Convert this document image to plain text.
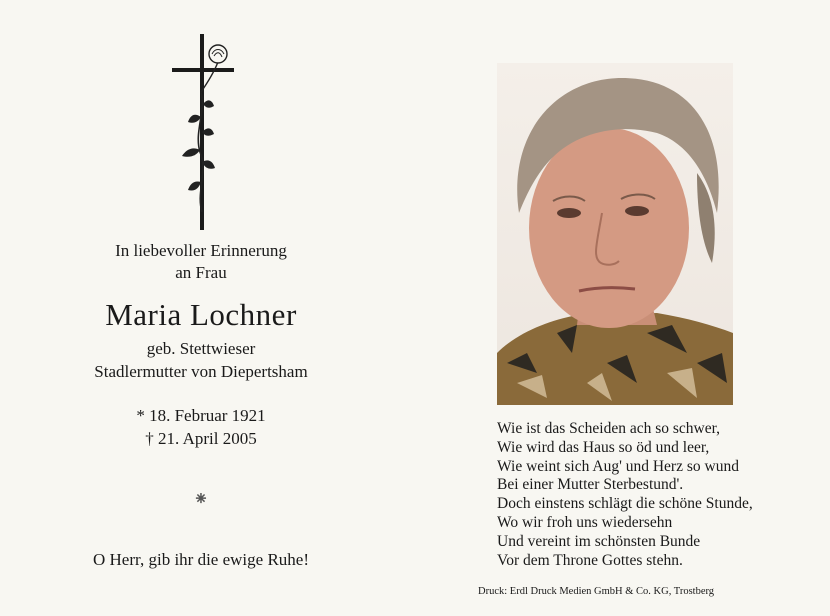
In liebevoller Erinnerung
an Frau
Maria Lochner
geb. Stettwieser
Stadlermutter von Diepertsham
* 18. Februar 1921
† 21. April 2005
⁕
O Herr, gib ihr die ewige Ruhe!
Wie ist das Scheiden ach so schwer,
Wie wird das Haus so öd und leer,
Wie weint sich Aug' und Herz so wund
Bei einer Mutter Sterbestund'.
Doch einstens schlägt die schöne Stunde,
Wo wir froh uns wiedersehn
Und vereint im schönsten Bunde
Vor dem Throne Gottes stehn.
Druck: Erdl Druck Medien GmbH & Co. KG, Trostberg
